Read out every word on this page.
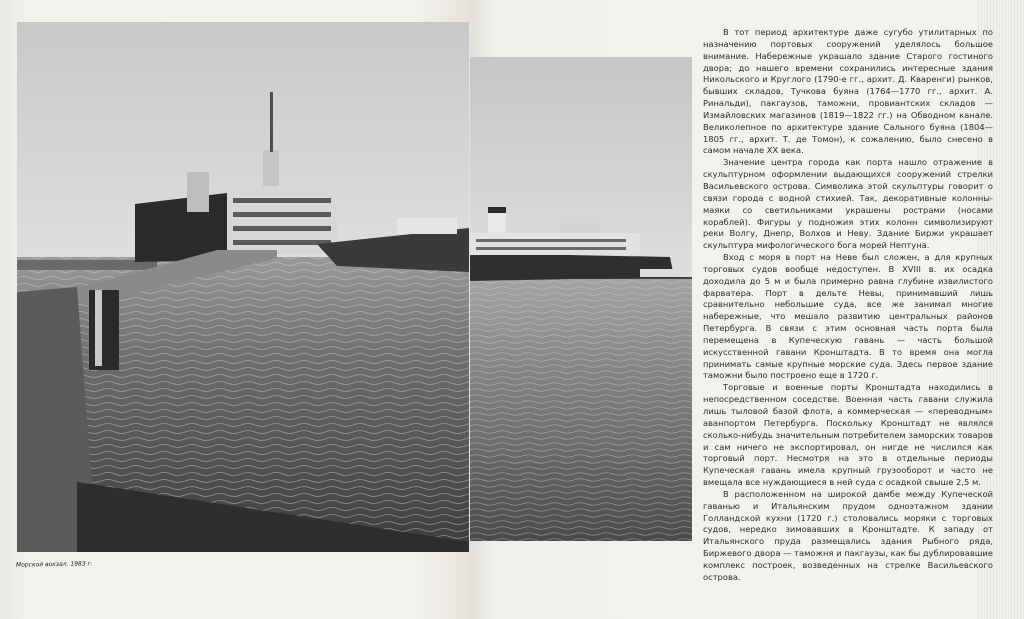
Морской вокзал. 1983 г.

В тот период архитектуре даже сугубо утилитарных по назначению портовых сооружений уделялось большое внимание. Набережные украшало здание Старого гостиного двора; до нашего времени сохранились интересные здания Никольского и Круглого (1790-е гг., архит. Д. Кваренги) рынков, бывших складов, Тучкова буяна (1764—1770 гг., архит. А. Ринальди), пакгаузов, таможни, провиантских складов — Измайловских магазинов (1819—1822 гг.) на Обводном канале. Великолепное по архитектуре здание Сального буяна (1804—1805 гг., архит. Т. де Томон), к сожалению, было снесено в самом начале XX века.

Значение центра города как порта нашло отражение в скульптурном оформлении выдающихся сооружений стрелки Васильевского острова. Символика этой скульптуры говорит о связи города с водной стихией. Так, декоративные колонны-маяки со светильниками украшены рострами (носами кораблей). Фигуры у подножия этих колонн символизируют реки Волгу, Днепр, Волхов и Неву. Здание Биржи украшает скульптура мифологического бога морей Нептуна.

Вход с моря в порт на Неве был сложен, а для крупных торговых судов вообще недоступен. В XVIII в. их осадка доходила до 5 м и была примерно равна глубине извилистого фарватера. Порт в дельте Невы, принимавший лишь сравнительно небольшие суда, все же занимал многие набережные, что мешало развитию центральных районов Петербурга. В связи с этим основная часть порта была перемещена в Купеческую гавань — часть большой искусственной гавани Кронштадта. В то время она могла принимать самые крупные морские суда. Здесь первое здание таможни было построено еще в 1720 г.

Торговые и военные порты Кронштадта находились в непосредственном соседстве. Военная часть гавани служила лишь тыловой базой флота, а коммерческая — «переводным» аванпортом Петербурга. Поскольку Кронштадт не являлся сколько-нибудь значительным потребителем заморских товаров и сам ничего не экспортировал, он нигде не числился как торговый порт. Несмотря на это в отдельные периоды Купеческая гавань имела крупный грузооборот и часто не вмещала все нуждающиеся в ней суда с осадкой свыше 2,5 м.

В расположенном на широкой дамбе между Купеческой гаванью и Итальянским прудом одноэтажном здании Голландской кухни (1720 г.) столовались моряки с торговых судов, нередко зимовавших в Кронштадте. К западу от Итальянского пруда размещались здания Рыбного ряда, Биржевого двора — таможня и пакгаузы, как бы дублировавшие комплекс построек, возведенных на стрелке Васильевского острова.
